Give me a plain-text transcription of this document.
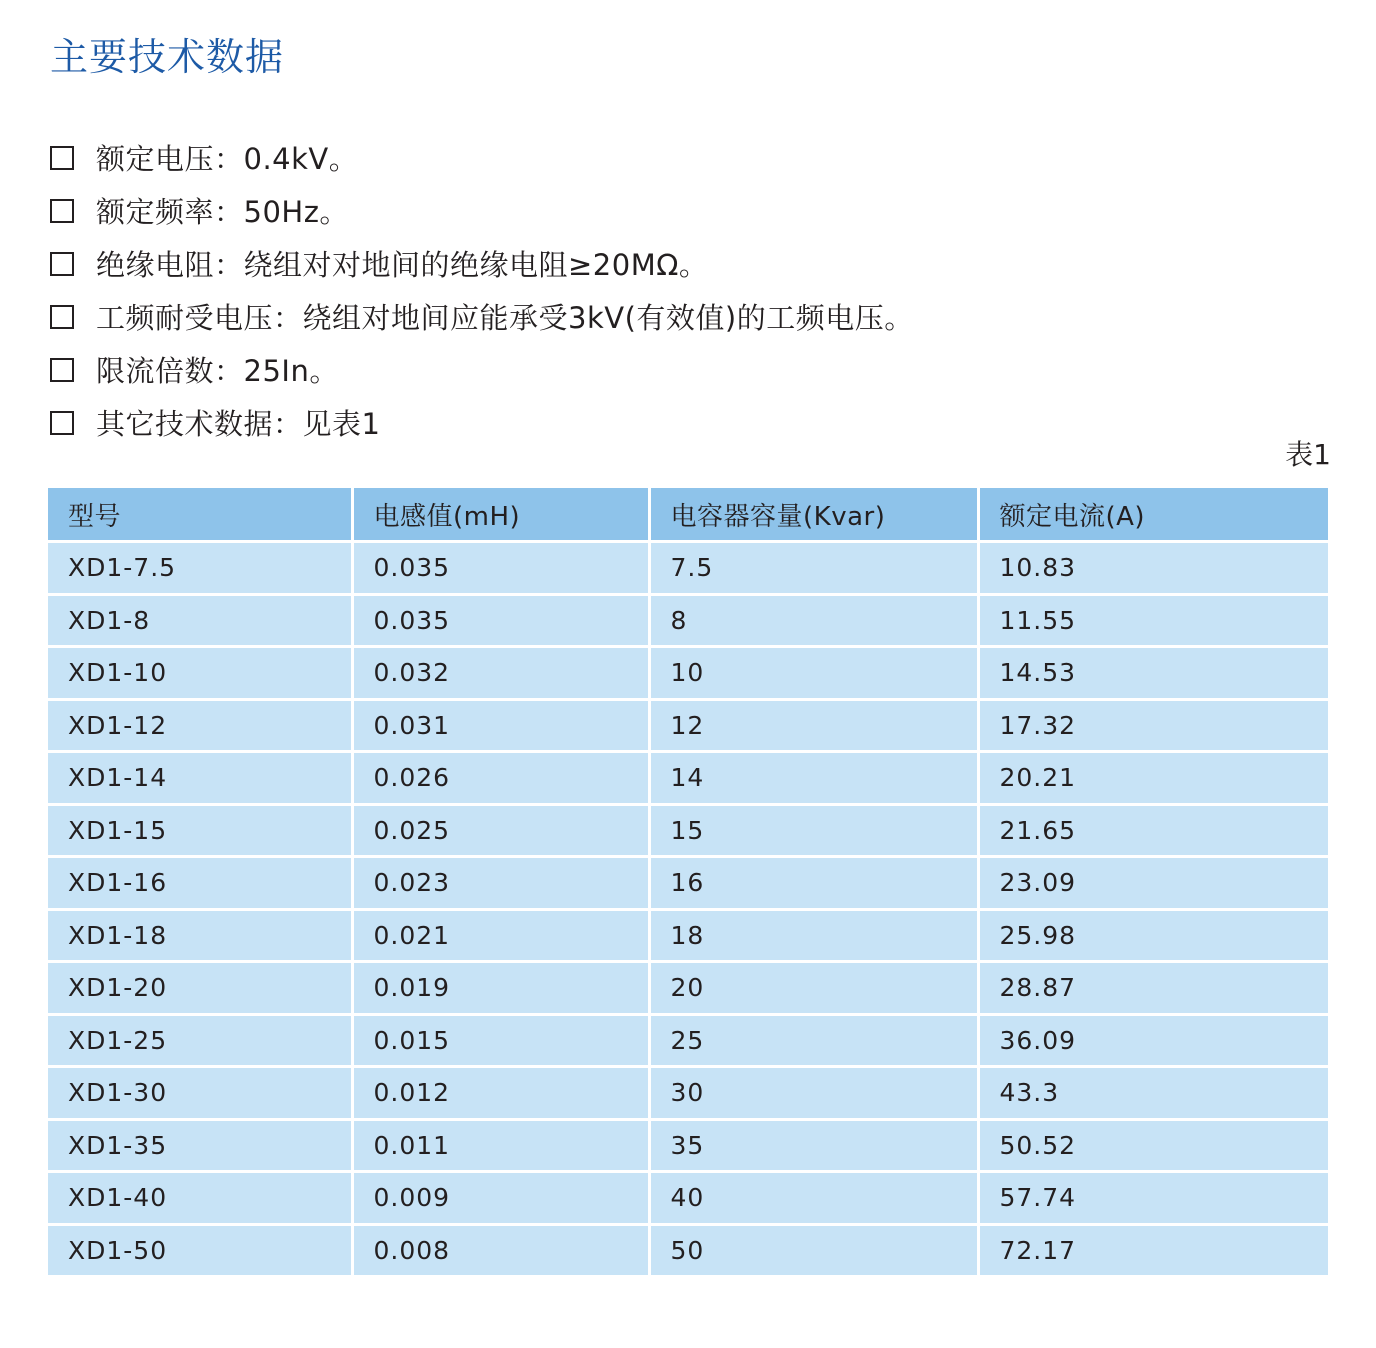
主要技术数据
额定电压：0.4kV。
额定频率：50Hz。
绝缘电阻：绕组对对地间的绝缘电阻≥20MΩ。
工频耐受电压：绕组对地间应能承受3kV(有效值)的工频电压。
限流倍数：25In。
其它技术数据：见表1
表1
型号	电感值(mH)	电容器容量(Kvar)	额定电流(A)
XD1-7.5	0.035	7.5	10.83
XD1-8	0.035	8	11.55
XD1-10	0.032	10	14.53
XD1-12	0.031	12	17.32
XD1-14	0.026	14	20.21
XD1-15	0.025	15	21.65
XD1-16	0.023	16	23.09
XD1-18	0.021	18	25.98
XD1-20	0.019	20	28.87
XD1-25	0.015	25	36.09
XD1-30	0.012	30	43.3
XD1-35	0.011	35	50.52
XD1-40	0.009	40	57.74
XD1-50	0.008	50	72.17
